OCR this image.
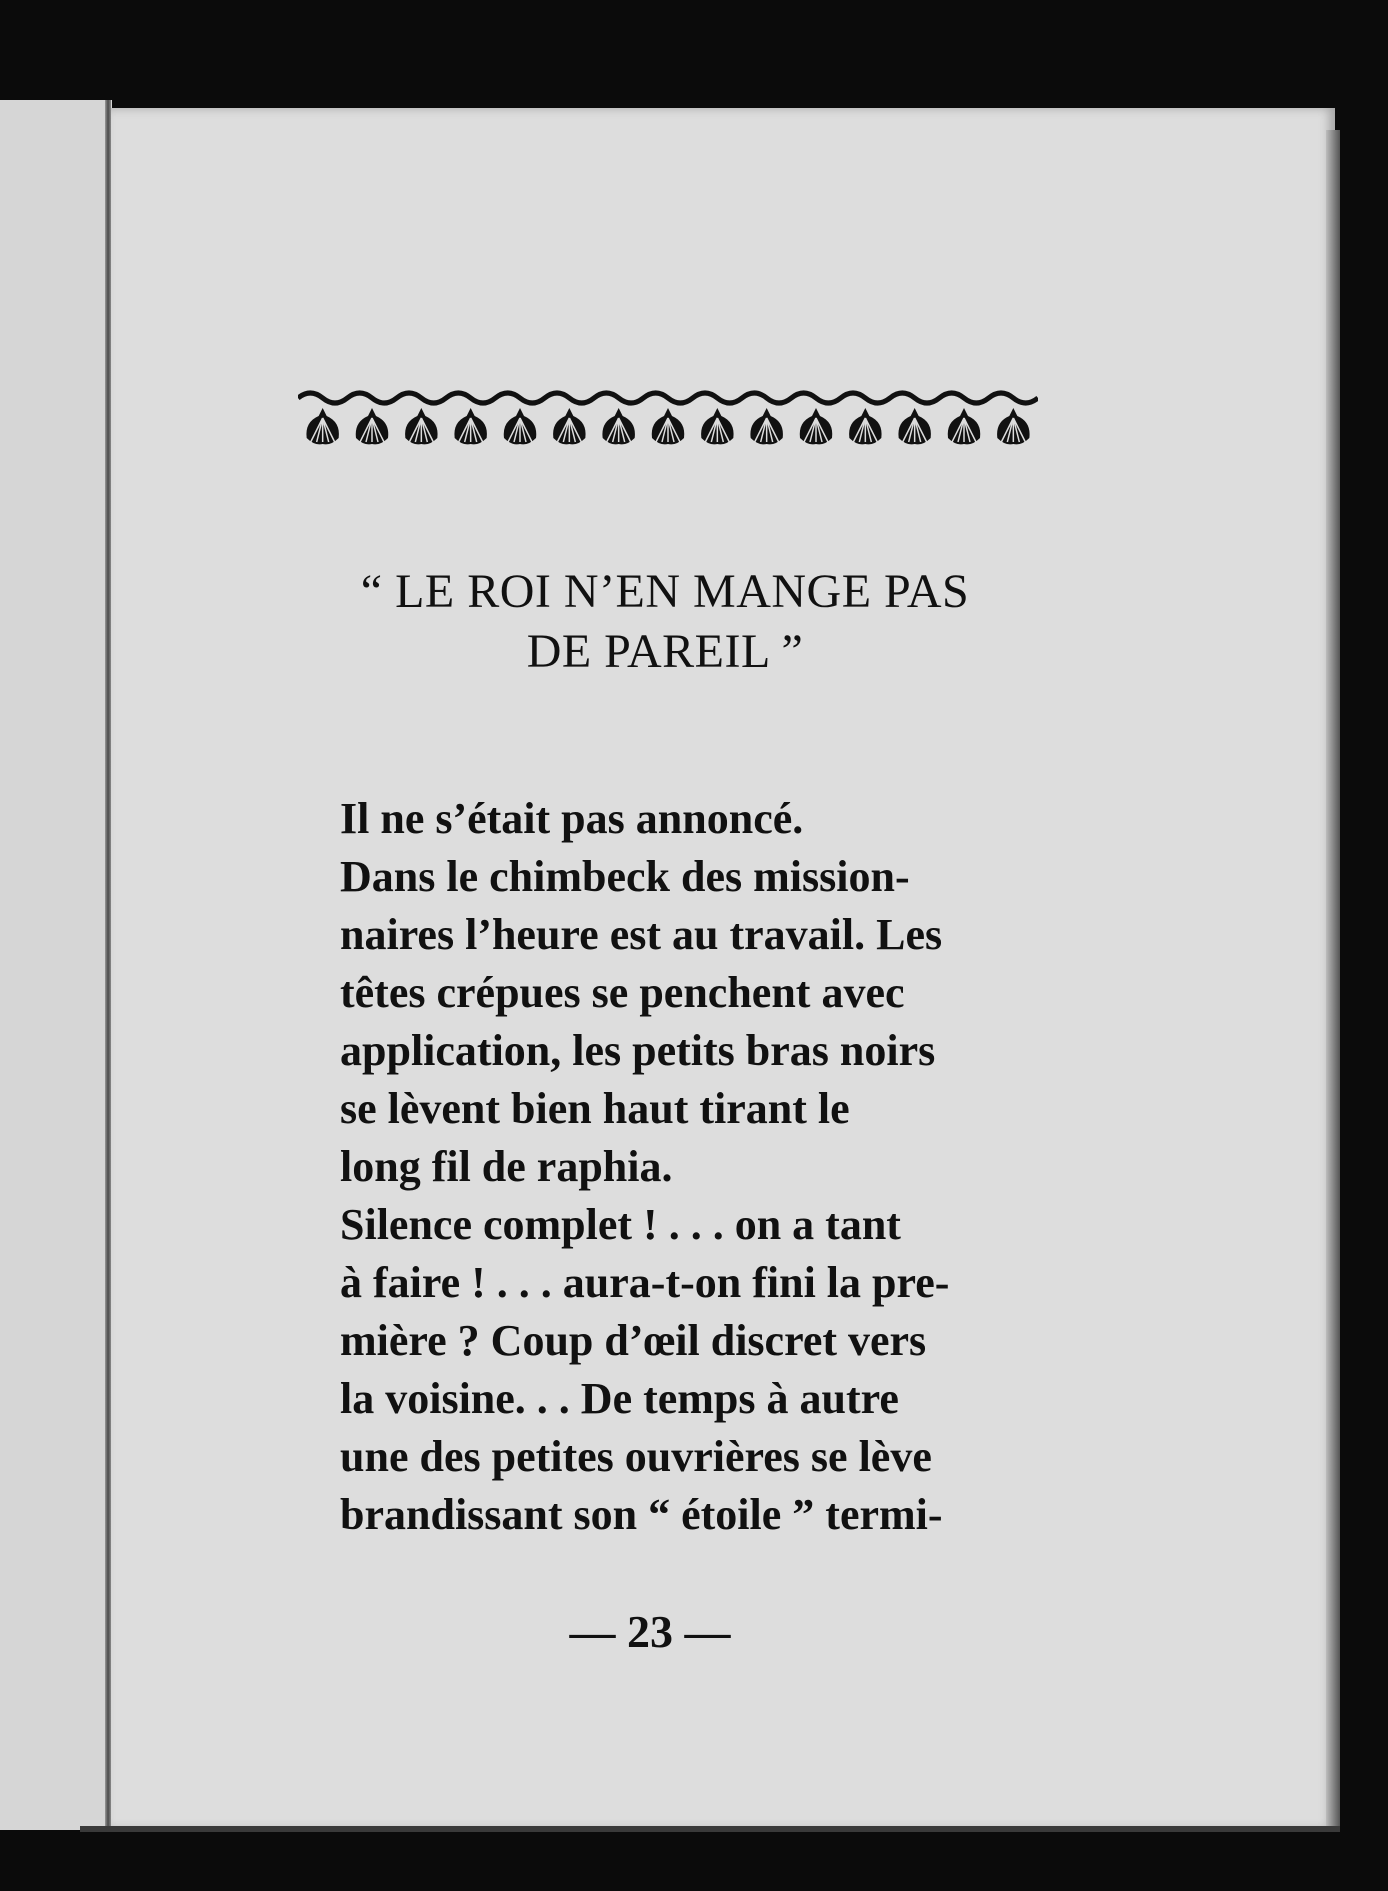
“ LE ROI N’EN MANGE PAS
DE PAREIL ”

Il ne s’était pas annoncé.

Dans le chimbeck des mission-
naires l’heure est au travail. Les
têtes crépues se penchent avec
application, les petits bras noirs
se lèvent bien haut tirant le
long fil de raphia.

Silence complet ! . . . on a tant
à faire ! . . . aura-t-on fini la pre-
mière ? Coup d’œil discret vers
la voisine. . . De temps à autre
une des petites ouvrières se lève
brandissant son “ étoile ” termi-

— 23 —
